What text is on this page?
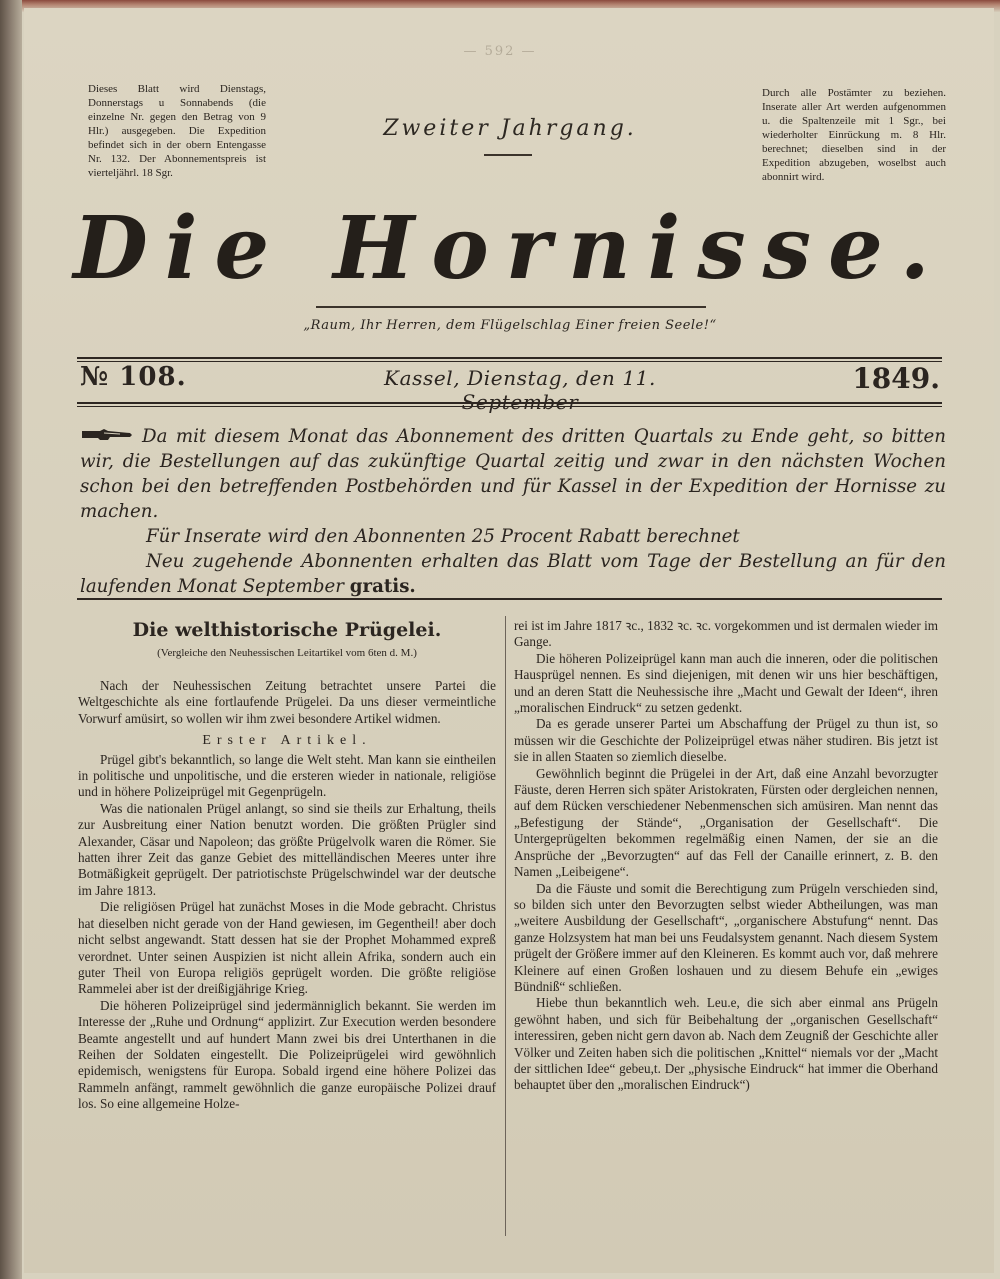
— 592 —
Dieses Blatt wird Dienstags, Donnerstags u Sonnabends (die einzelne Nr. gegen den Betrag von 9 Hlr.) ausgegeben. Die Expedition befindet sich in der obern Entengasse Nr. 132. Der Abonnementspreis ist vierteljährl. 18 Sgr.
Durch alle Postämter zu beziehen. Inserate aller Art werden aufgenommen u. die Spaltenzeile mit 1 Sgr., bei wiederholter Einrückung m. 8 Hlr. berechnet; dieselben sind in der Expedition abzugeben, woselbst auch abonnirt wird.
Zweiter Jahrgang.
Die Hornisse.
„Raum, Ihr Herren, dem Flügelschlag Einer freien Seele!“
№ 108.	Kassel, Dienstag, den 11. September
1849.

Da mit diesem Monat das Abonnement des dritten Quartals zu Ende geht, so bitten wir, die Bestellungen auf das zukünftige Quartal zeitig und zwar in den nächsten Wochen schon bei den betreffenden Postbehörden und für Kassel in der Expedition der Hornisse zu machen.

Für Inserate wird den Abonnenten 25 Procent Rabatt berechnet

Neu zugehende Abonnenten erhalten das Blatt vom Tage der Bestellung an für den laufenden Monat September gratis.

Die welthistorische Prügelei.
(Vergleiche den Neuhessischen Leitartikel vom 6ten d. M.)

Nach der Neuhessischen Zeitung betrachtet unsere Partei die Weltgeschichte als eine fortlaufende Prügelei. Da uns dieser vermeintliche Vorwurf amüsirt, so wollen wir ihm zwei besondere Artikel widmen.

Erster Artikel.

Prügel gibt's bekanntlich, so lange die Welt steht. Man kann sie eintheilen in politische und unpolitische, und die ersteren wieder in nationale, religiöse und in höhere Polizeiprügel mit Gegenprügeln.

Was die nationalen Prügel anlangt, so sind sie theils zur Erhaltung, theils zur Ausbreitung einer Nation benutzt worden. Die größten Prügler sind Alexander, Cäsar und Napoleon; das größte Prügelvolk waren die Römer. Sie hatten ihrer Zeit das ganze Gebiet des mittelländischen Meeres unter ihre Botmäßigkeit geprügelt. Der patriotischste Prügelschwindel war der deutsche im Jahre 1813.

Die religiösen Prügel hat zunächst Moses in die Mode gebracht. Christus hat dieselben nicht gerade von der Hand gewiesen, im Gegentheil! aber doch nicht selbst angewandt. Statt dessen hat sie der Prophet Mohammed expreß verordnet. Unter seinen Auspizien ist nicht allein Afrika, sondern auch ein guter Theil von Europa religiös geprügelt worden. Die größte religiöse Rammelei aber ist der dreißigjährige Krieg.

Die höheren Polizeiprügel sind jedermänniglich bekannt. Sie werden im Interesse der „Ruhe und Ordnung“ applizirt. Zur Execution werden besondere Beamte angestellt und auf hundert Mann zwei bis drei Unterthanen in die Reihen der Soldaten eingestellt. Die Polizeiprügelei wird gewöhnlich epidemisch, wenigstens für Europa. Sobald irgend eine höhere Polizei das Rammeln anfängt, rammelt gewöhnlich die ganze europäische Polizei drauf los. So eine allgemeine Holze-

rei ist im Jahre 1817 ꝛc., 1832 ꝛc. ꝛc. vorgekommen und ist dermalen wieder im Gange.

Die höheren Polizeiprügel kann man auch die inneren, oder die politischen Hausprügel nennen. Es sind diejenigen, mit denen wir uns hier beschäftigen, und an deren Statt die Neuhessische ihre „Macht und Gewalt der Ideen“, ihren „moralischen Eindruck“ zu setzen gedenkt.

Da es gerade unserer Partei um Abschaffung der Prügel zu thun ist, so müssen wir die Geschichte der Polizeiprügel etwas näher studiren. Bis jetzt ist sie in allen Staaten so ziemlich dieselbe.

Gewöhnlich beginnt die Prügelei in der Art, daß eine Anzahl bevorzugter Fäuste, deren Herren sich später Aristokraten, Fürsten oder dergleichen nennen, auf dem Rücken verschiedener Nebenmenschen sich amüsiren. Man nennt das „Befestigung der Stände“, „Organisation der Gesellschaft“. Die Untergeprügelten bekommen regelmäßig einen Namen, der sie an die Ansprüche der „Bevorzugten“ auf das Fell der Canaille erinnert, z. B. den Namen „Leibeigene“.

Da die Fäuste und somit die Berechtigung zum Prügeln verschieden sind, so bilden sich unter den Bevorzugten selbst wieder Abtheilungen, was man „weitere Ausbildung der Gesellschaft“, „organischere Abstufung“ nennt. Das ganze Holzsystem hat man bei uns Feudalsystem genannt. Nach diesem System prügelt der Größere immer auf den Kleineren. Es kommt auch vor, daß mehrere Kleinere auf einen Großen loshauen und zu diesem Behufe ein „ewiges Bündniß“ schließen.

Hiebe thun bekanntlich weh. Leu.e, die sich aber einmal ans Prügeln gewöhnt haben, und sich für Beibehaltung der „organischen Gesellschaft“ interessiren, geben nicht gern davon ab. Nach dem Zeugniß der Geschichte aller Völker und Zeiten haben sich die politischen „Knittel“ niemals vor der „Macht der sittlichen Idee“ gebeu,t. Der „physische Eindruck“ hat immer die Oberhand behauptet über den „moralischen Eindruck“)
